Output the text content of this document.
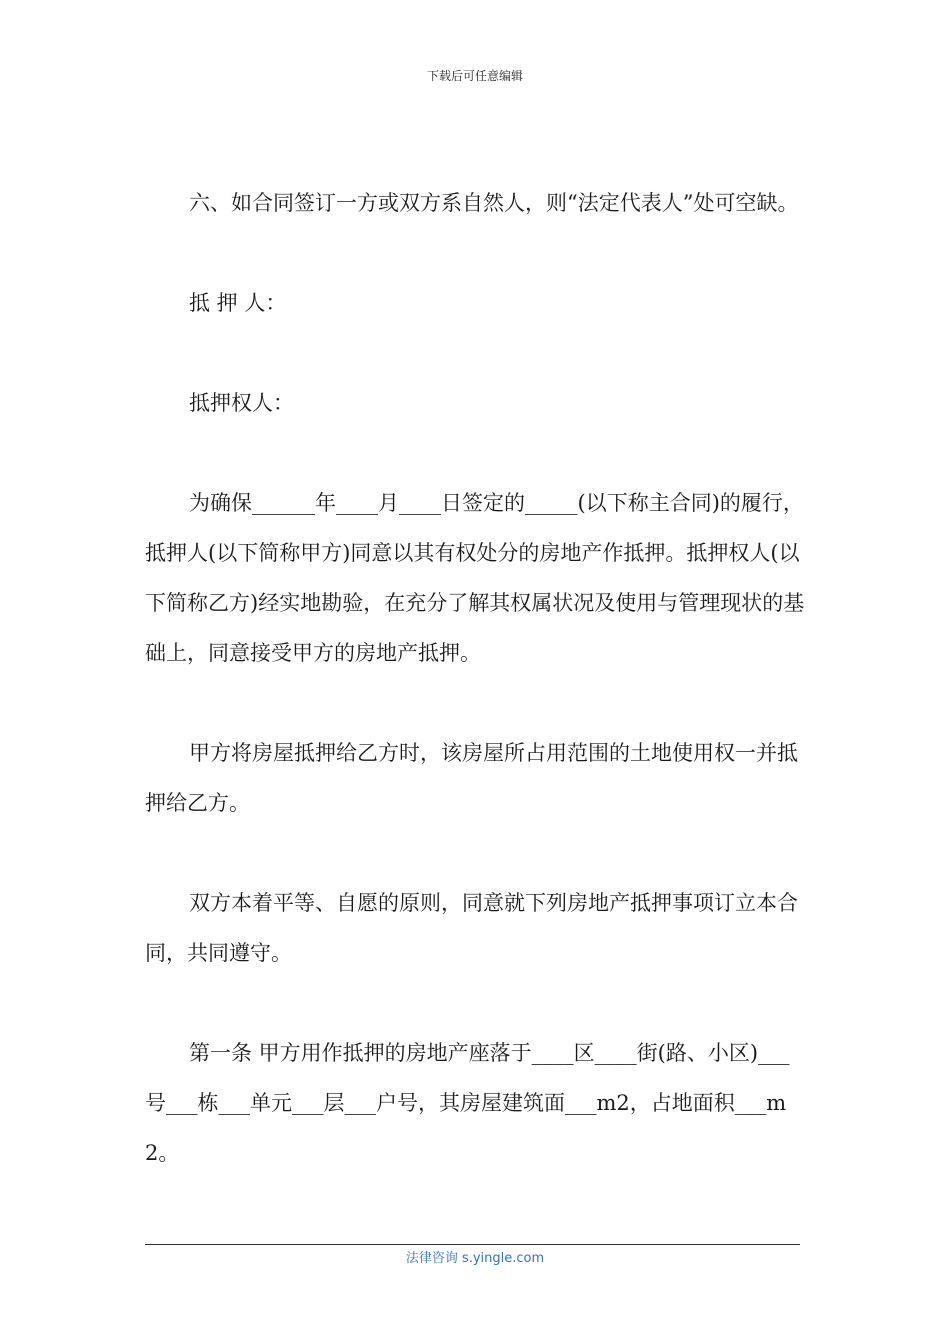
下载后可任意编辑

六、如合同签订一方或双方系自然人，则“法定代表人”处可空缺。

抵 押 人：

抵押权人：

为确保______年____月____日签定的_____(以下称主合同)的履行，抵押人(以下简称甲方)同意以其有权处分的房地产作抵押。抵押权人(以下简称乙方)经实地勘验，在充分了解其权属状况及使用与管理现状的基础上，同意接受甲方的房地产抵押。

甲方将房屋抵押给乙方时，该房屋所占用范围的土地使用权一并抵押给乙方。

双方本着平等、自愿的原则，同意就下列房地产抵押事项订立本合同，共同遵守。

第一条 甲方用作抵押的房地产座落于____区____街(路、小区)___号___栋___单元___层___户号，其房屋建筑面___m2，占地面积___m2。

法律咨询 s.yingle.com
